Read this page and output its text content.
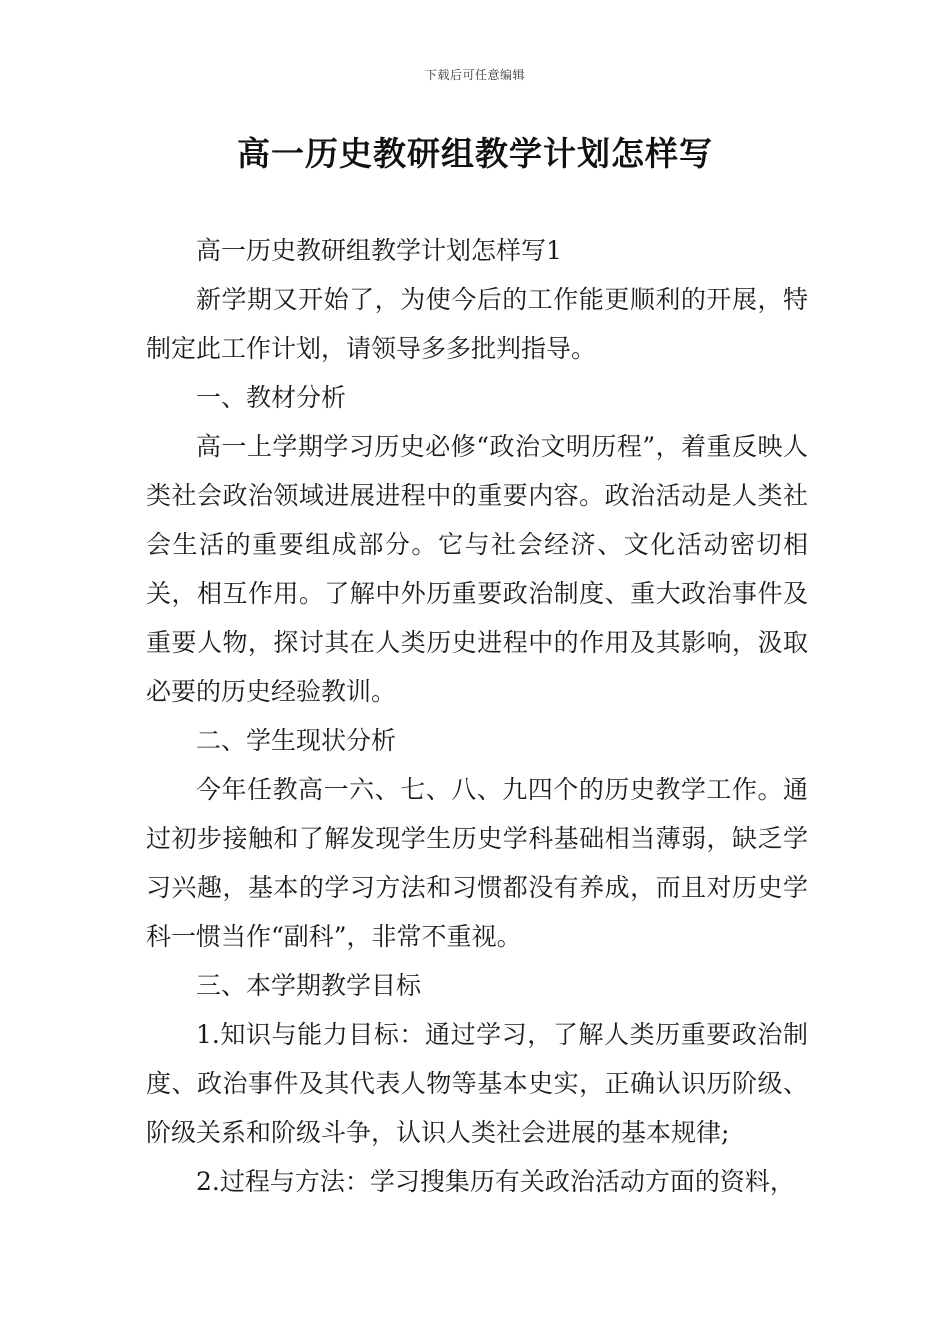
下载后可任意编辑
高一历史教研组教学计划怎样写

高一历史教研组教学计划怎样写1

新学期又开始了，为使今后的工作能更顺利的开展，特制定此工作计划，请领导多多批判指导。

一、教材分析

高一上学期学习历史必修“政治文明历程”，着重反映人类社会政治领域进展进程中的重要内容。政治活动是人类社会生活的重要组成部分。它与社会经济、文化活动密切相关，相互作用。了解中外历重要政治制度、重大政治事件及重要人物，探讨其在人类历史进程中的作用及其影响，汲取必要的历史经验教训。

二、学生现状分析

今年任教高一六、七、八、九四个的历史教学工作。通过初步接触和了解发现学生历史学科基础相当薄弱，缺乏学习兴趣，基本的学习方法和习惯都没有养成，而且对历史学科一惯当作“副科”，非常不重视。

三、本学期教学目标

1.知识与能力目标：通过学习，了解人类历重要政治制度、政治事件及其代表人物等基本史实，正确认识历阶级、阶级关系和阶级斗争，认识人类社会进展的基本规律;

2.过程与方法：学习搜集历有关政治活动方面的资料，
